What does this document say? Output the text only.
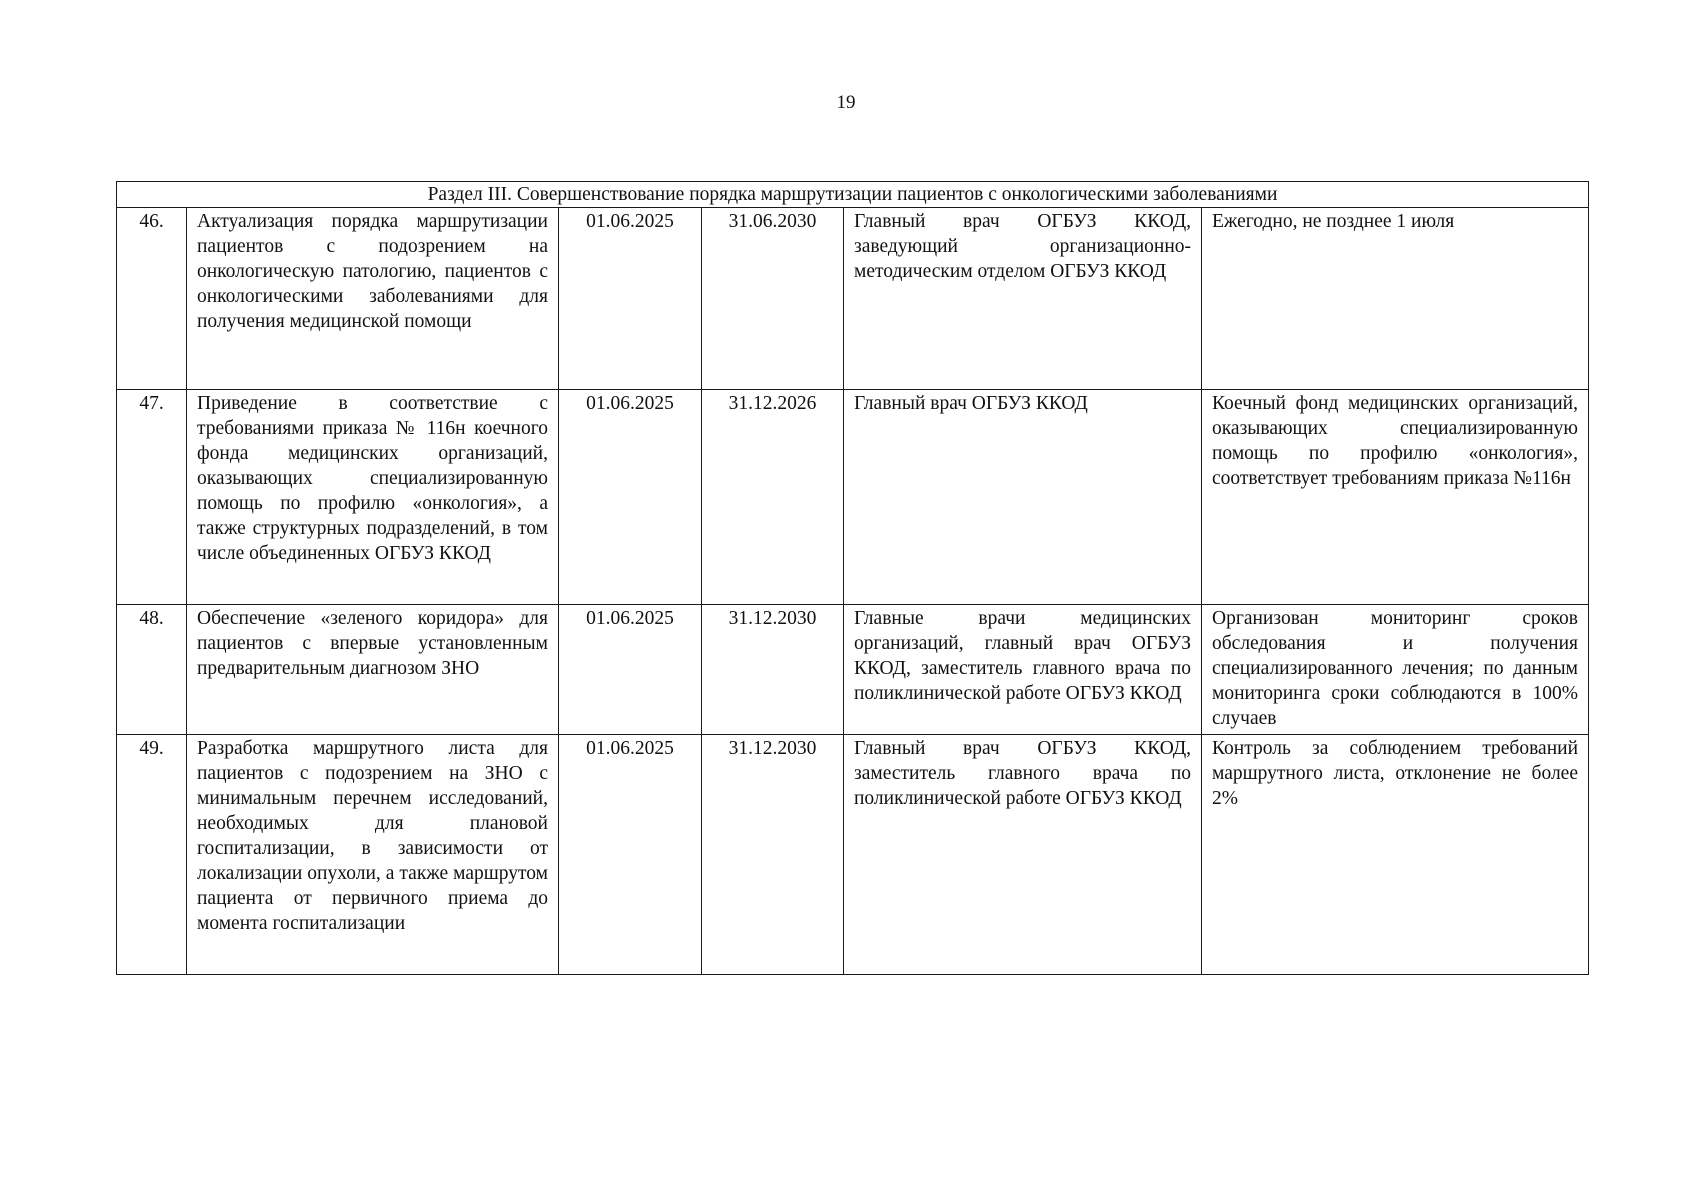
19
Раздел III. Совершенствование порядка маршрутизации пациентов с онкологическими заболеваниями					
46.	Актуализация порядка маршрутизации пациентов с подозрением на онкологическую патологию, пациентов с онкологическими заболеваниями для получения медицинской помощи	01.06.2025	31.06.2030	Главный врач ОГБУЗ ККОД, заведующий организационно-методическим отделом ОГБУЗ ККОД	Ежегодно, не позднее 1 июля
47.	Приведение в соответствие с требованиями приказа № 116н коечного фонда медицинских организаций, оказывающих специализированную помощь по профилю «онкология», а также структурных подразделений, в том числе объединенных ОГБУЗ ККОД	01.06.2025	31.12.2026	Главный врач ОГБУЗ ККОД	Коечный фонд медицинских организаций, оказывающих специализированную помощь по профилю «онкология», соответствует требованиям приказа №116н
48.	Обеспечение «зеленого коридора» для пациентов с впервые установленным предварительным диагнозом ЗНО	01.06.2025	31.12.2030	Главные врачи медицинских организаций, главный врач ОГБУЗ ККОД, заместитель главного врача по поликлинической работе ОГБУЗ ККОД	Организован мониторинг сроков обследования и получения специализированного лечения; по данным мониторинга сроки соблюдаются в 100% случаев
49.	Разработка маршрутного листа для пациентов с подозрением на ЗНО с минимальным перечнем исследований, необходимых для плановой госпитализации, в зависимости от локализации опухоли, а также маршрутом пациента от первичного приема до момента госпитализации	01.06.2025	31.12.2030	Главный врач ОГБУЗ ККОД, заместитель главного врача по поликлинической работе ОГБУЗ ККОД	Контроль за соблюдением требований маршрутного листа, отклонение не более 2%
